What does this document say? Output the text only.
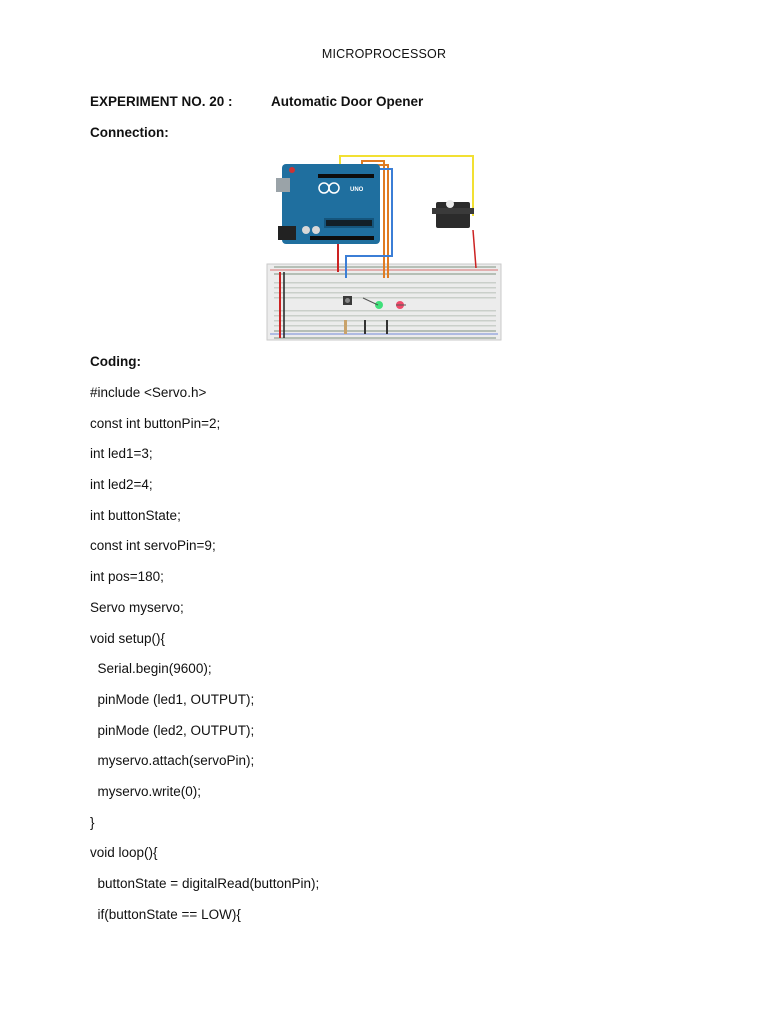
MICROPROCESSOR
EXPERIMENT NO. 20 :	Automatic Door Opener
Connection:
UNO
Coding:
#include <Servo.h>
const int buttonPin=2;
int led1=3;
int led2=4;
int buttonState;
const int servoPin=9;
int pos=180;
Servo myservo;
void setup(){
Serial.begin(9600);
pinMode (led1, OUTPUT);
pinMode (led2, OUTPUT);
myservo.attach(servoPin);
myservo.write(0);
}
void loop(){
buttonState = digitalRead(buttonPin);
if(buttonState == LOW){
